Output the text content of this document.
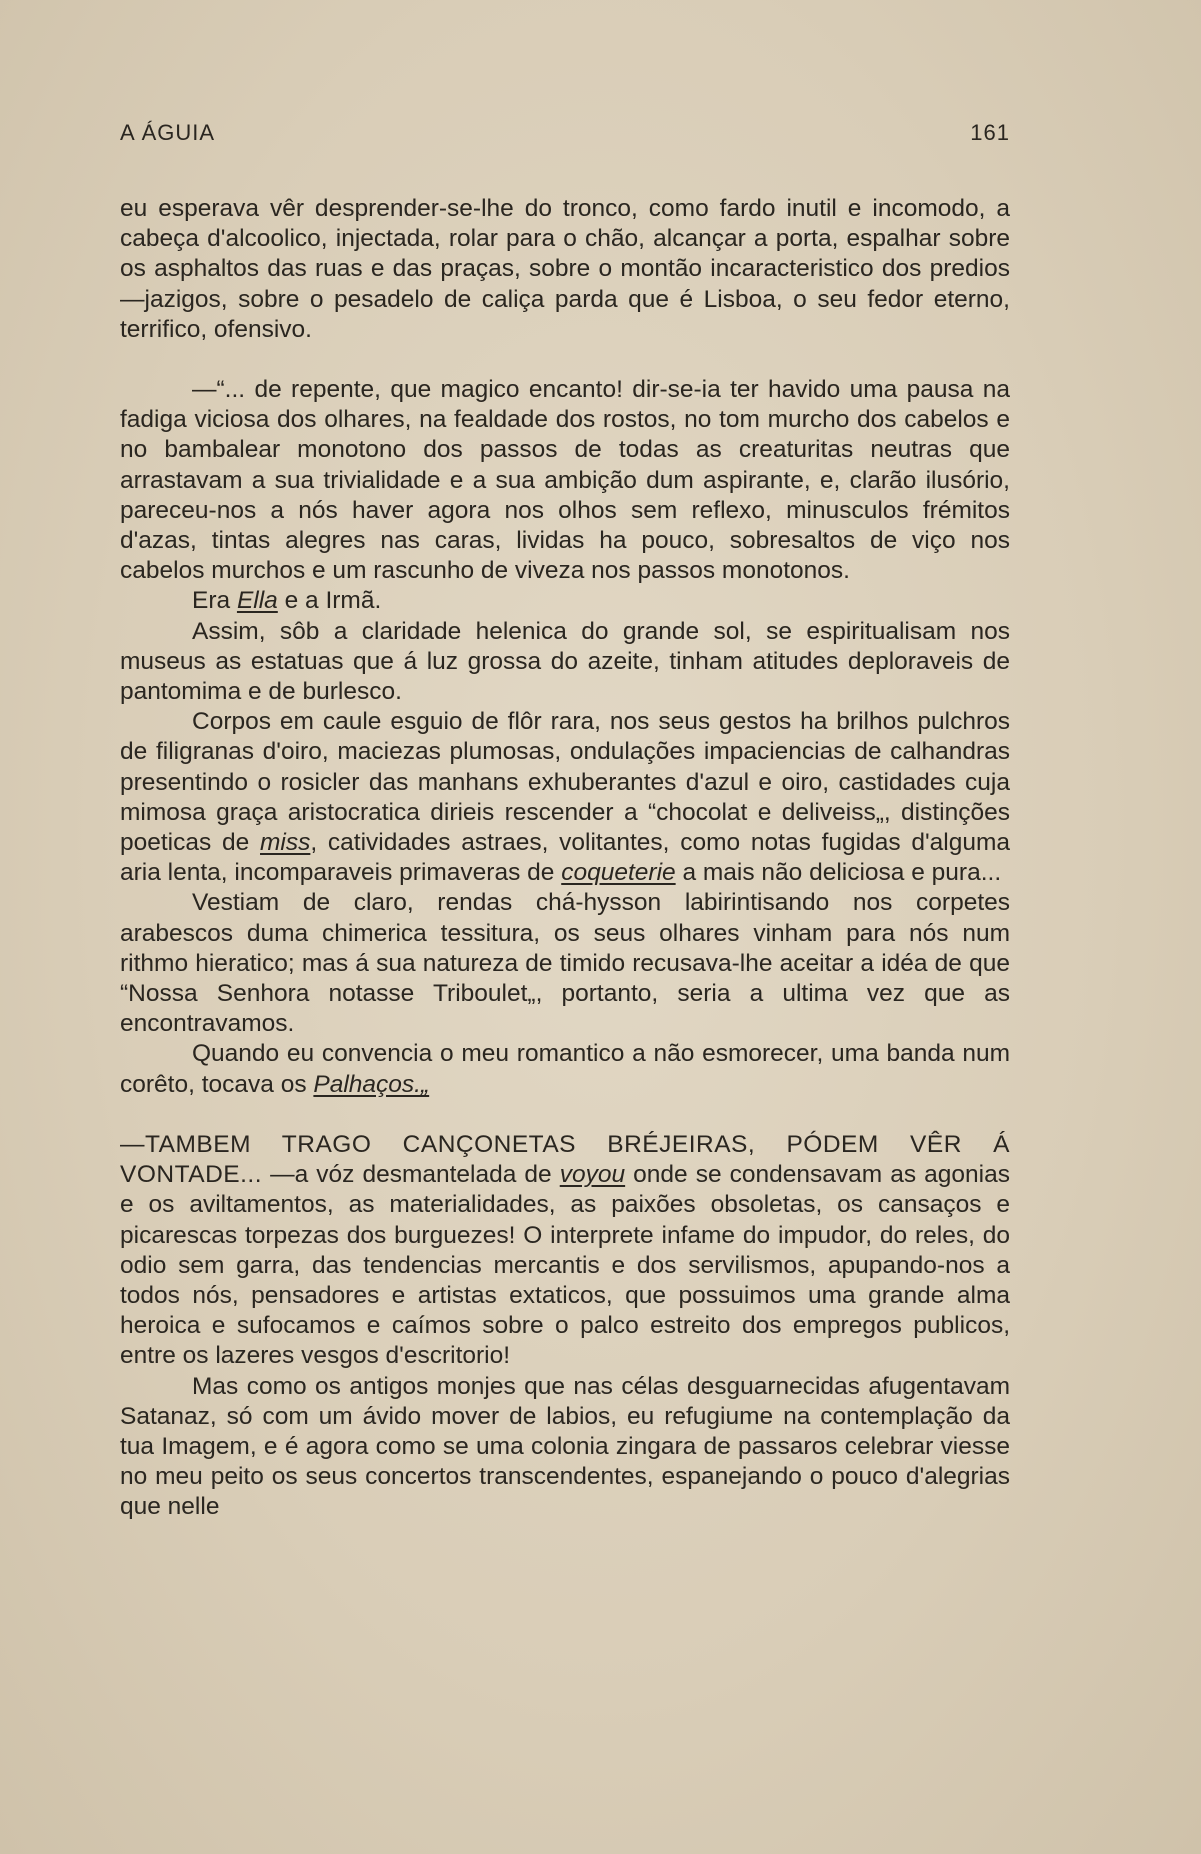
A ÁGUIA	161

eu esperava vêr desprender-se-lhe do tronco, como fardo inutil e incomodo, a cabeça d'alcoolico, injectada, rolar para o chão, alcançar a porta, espalhar sobre os asphaltos das ruas e das praças, sobre o montão incaracteristico dos predios—jazigos, sobre o pesadelo de caliça parda que é Lisboa, o seu fedor eterno, terrifico, ofensivo.

—“... de repente, que magico encanto! dir-se-ia ter havido uma pausa na fadiga viciosa dos olhares, na fealdade dos rostos, no tom murcho dos cabelos e no bambalear monotono dos passos de todas as creaturitas neutras que arrastavam a sua trivialidade e a sua ambição dum aspirante, e, clarão ilusório, pareceu-nos a nós haver agora nos olhos sem reflexo, minusculos frémitos d'azas, tintas alegres nas caras, lividas ha pouco, sobresaltos de viço nos cabelos murchos e um rascunho de viveza nos passos monotonos.

Era Ella e a Irmã.

Assim, sôb a claridade helenica do grande sol, se espiritualisam nos museus as estatuas que á luz grossa do azeite, tinham atitudes deploraveis de pantomima e de burlesco.

Corpos em caule esguio de flôr rara, nos seus gestos ha brilhos pulchros de filigranas d'oiro, maciezas plumosas, ondulações impaciencias de calhandras presentindo o rosicler das manhans exhuberantes d'azul e oiro, castidades cuja mimosa graça aristocratica dirieis rescender a “chocolat e deliveiss„, distinções poeticas de miss, catividades astraes, volitantes, como notas fugidas d'alguma aria lenta, incomparaveis primaveras de coqueterie a mais não deliciosa e pura...

Vestiam de claro, rendas chá-hysson labirintisando nos corpetes arabescos duma chimerica tessitura, os seus olhares vinham para nós num rithmo hieratico; mas á sua natureza de timido recusava-lhe aceitar a idéa de que “Nossa Senhora notasse Triboulet„, portanto, seria a ultima vez que as encontravamos.

Quando eu convencia o meu romantico a não esmorecer, uma banda num corêto, tocava os Palhaços.„

—TAMBEM TRAGO CANÇONETAS BRÉJEIRAS, PÓDEM VÊR Á VONTADE... —a vóz desmantelada de voyou onde se condensavam as agonias e os aviltamentos, as materialidades, as paixões obsoletas, os cansaços e picarescas torpezas dos burguezes! O interprete infame do impudor, do reles, do odio sem garra, das tendencias mercantis e dos servilismos, apupando-nos a todos nós, pensadores e artistas extaticos, que possuimos uma grande alma heroica e sufocamos e caímos sobre o palco estreito dos empregos publicos, entre os lazeres vesgos d'escritorio!

Mas como os antigos monjes que nas célas desguarnecidas afugentavam Satanaz, só com um ávido mover de labios, eu refugiume na contemplação da tua Imagem, e é agora como se uma colonia zingara de passaros celebrar viesse no meu peito os seus concertos transcendentes, espanejando o pouco d'alegrias que nelle
